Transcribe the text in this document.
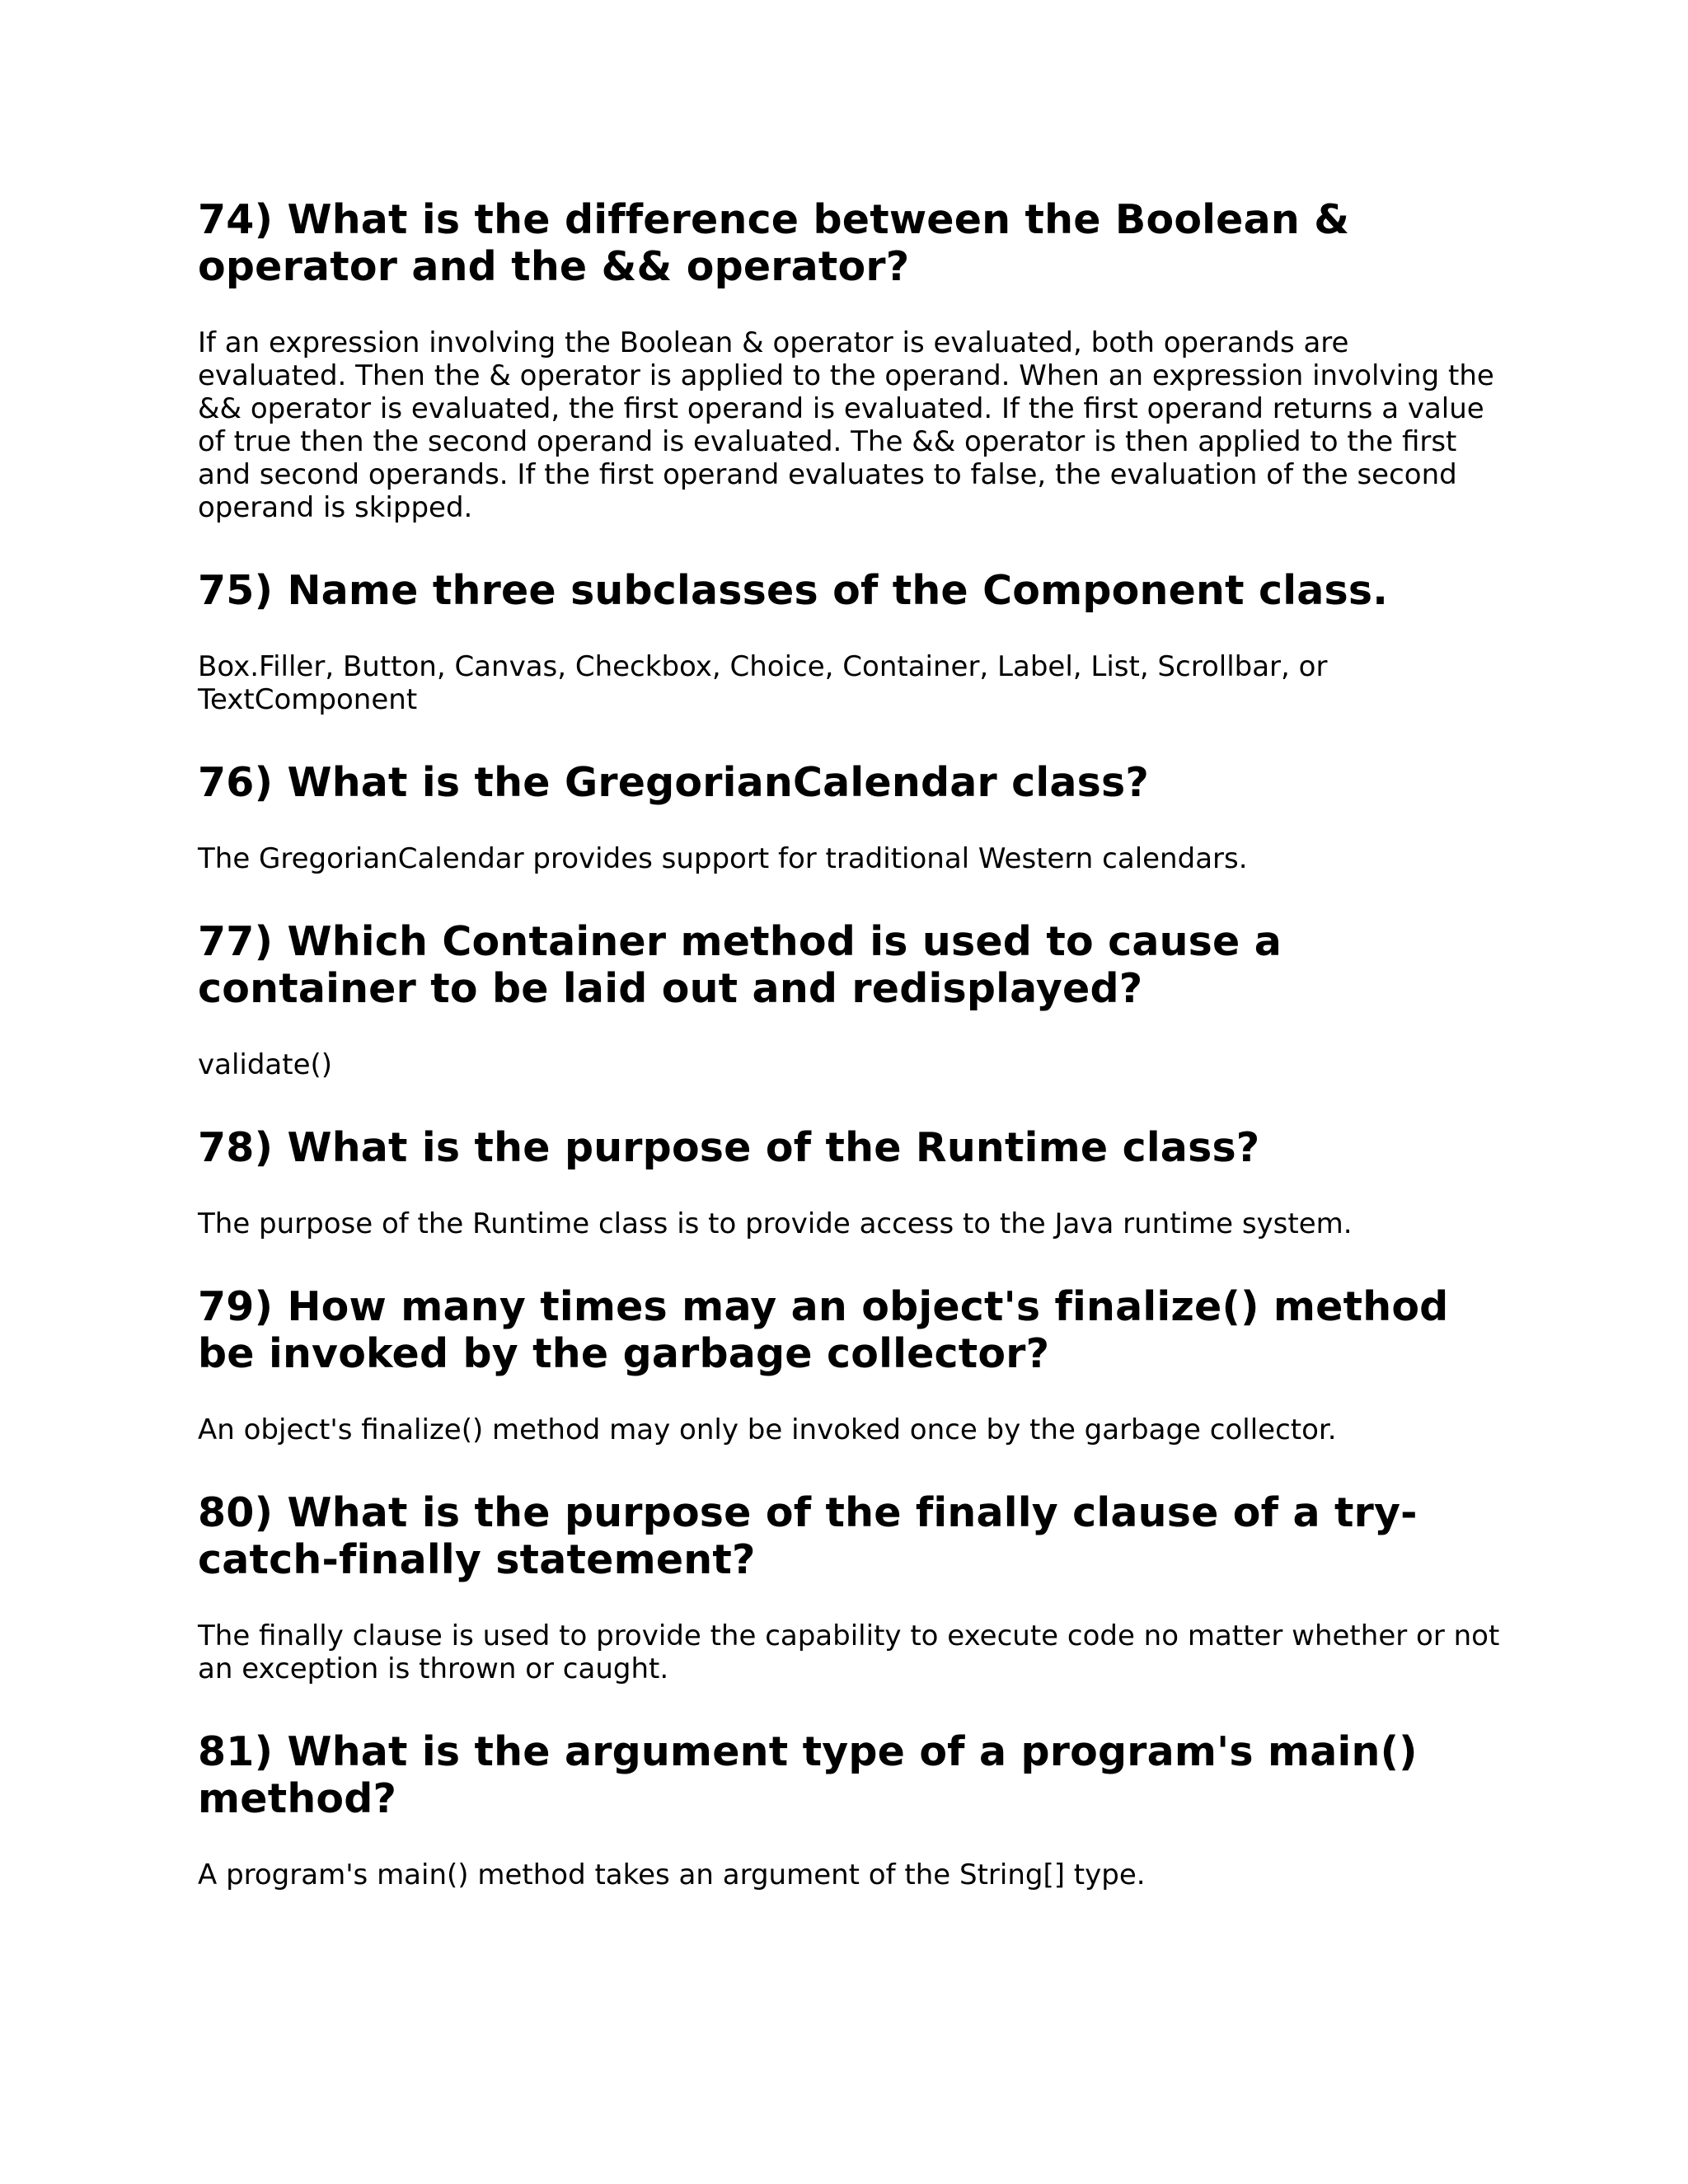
74) What is the difference between the Boolean & operator and the && operator?

If an expression involving the Boolean & operator is evaluated, both operands are evaluated. Then the & operator is applied to the operand. When an expression involving the && operator is evaluated, the first operand is evaluated. If the first operand returns a value of true then the second operand is evaluated. The && operator is then applied to the first and second operands. If the first operand evaluates to false, the evaluation of the second operand is skipped.

75) Name three subclasses of the Component class.

Box.Filler, Button, Canvas, Checkbox, Choice, Container, Label, List, Scrollbar, or TextComponent

76) What is the GregorianCalendar class?

The GregorianCalendar provides support for traditional Western calendars.

77) Which Container method is used to cause a container to be laid out and redisplayed?

validate()

78) What is the purpose of the Runtime class?

The purpose of the Runtime class is to provide access to the Java runtime system.

79) How many times may an object's finalize() method be invoked by the garbage collector?

An object's finalize() method may only be invoked once by the garbage collector.

80) What is the purpose of the finally clause of a try-catch-finally statement?

The finally clause is used to provide the capability to execute code no matter whether or not an exception is thrown or caught.

81) What is the argument type of a program's main() method?

A program's main() method takes an argument of the String[] type.
